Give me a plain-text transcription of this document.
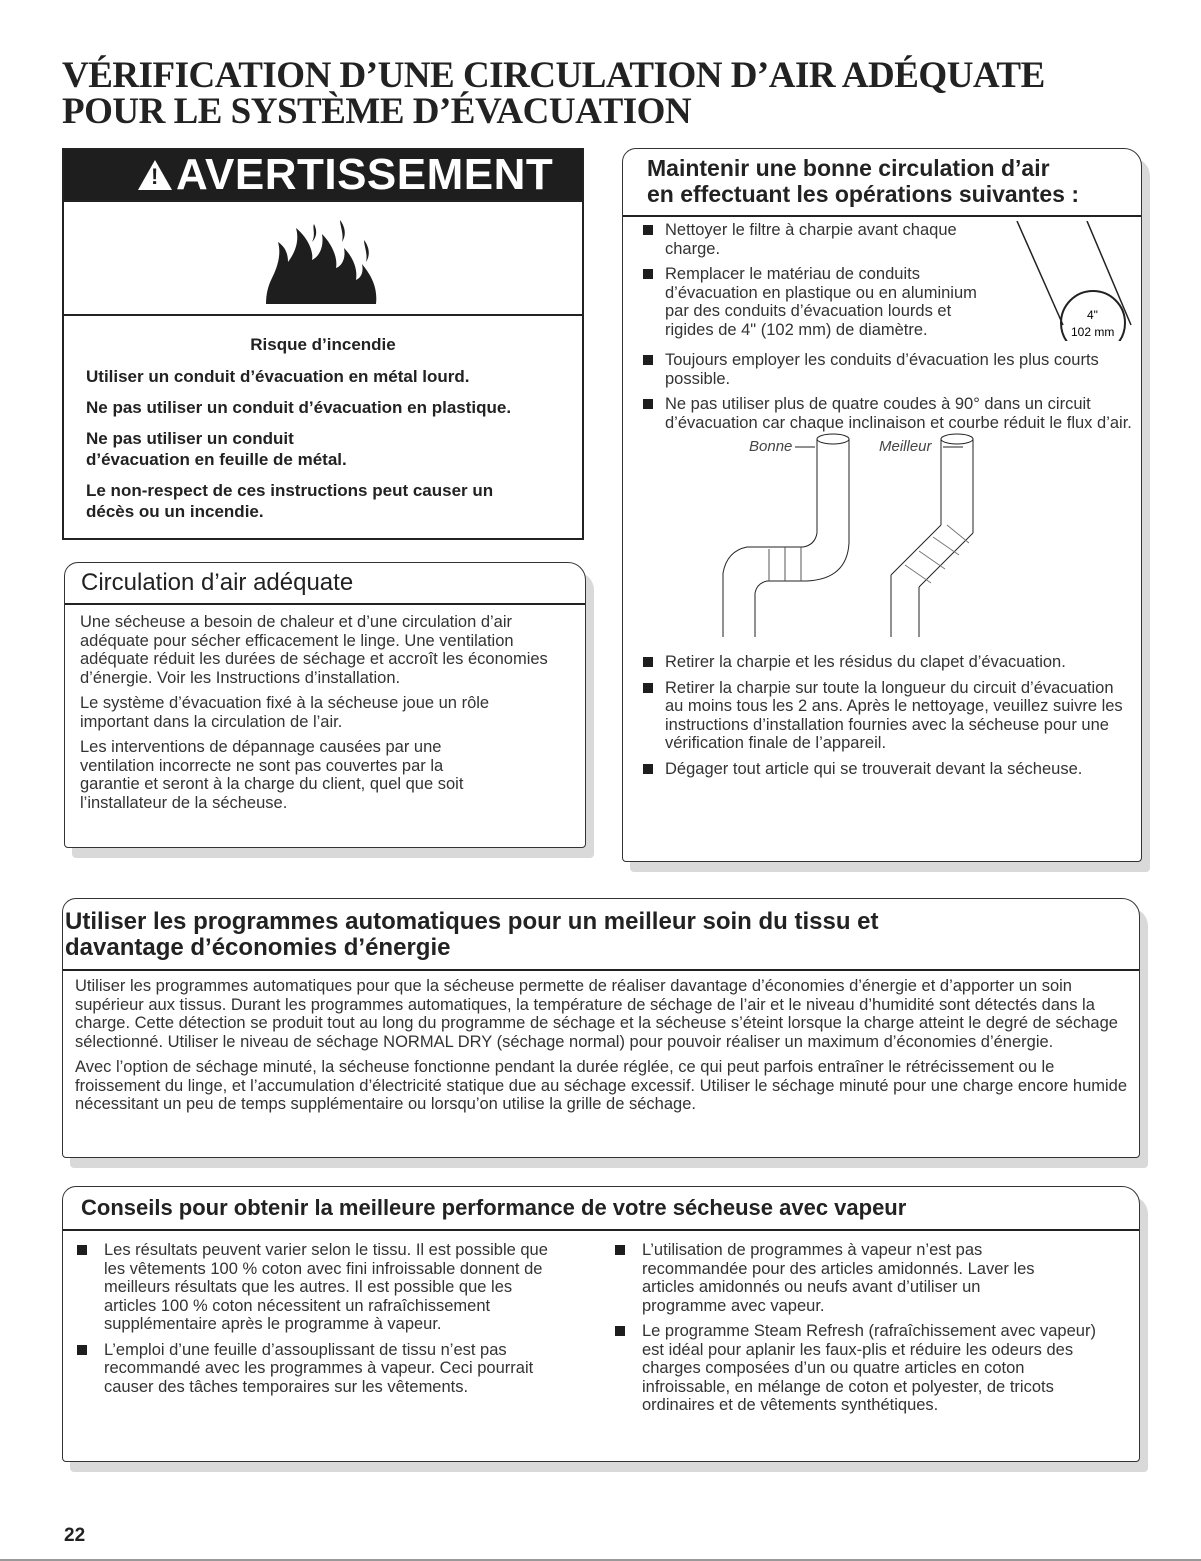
VÉRIFICATION D’UNE CIRCULATION D’AIR ADÉQUATE
POUR LE SYSTÈME D’ÉVACUATION
!
AVERTISSEMENT

Risque d’incendie

Utiliser un conduit d’évacuation en métal lourd.

Ne pas utiliser un conduit d’évacuation en plastique.

Ne pas utiliser un conduit d’évacuation en feuille de métal.

Le non-respect de ces instructions peut causer un décès ou un incendie.

Circulation d’air adéquate

Une sécheuse a besoin de chaleur et d’une circulation d’air adéquate pour sécher efficacement le linge. Une ventilation adéquate réduit les durées de séchage et accroît les économies d’énergie. Voir les Instructions d’installation.

Le système d’évacuation fixé à la sécheuse joue un rôle important dans la circulation de l’air.

Les interventions de dépannage causées par une ventilation incorrecte ne sont pas couvertes par la garantie et seront à la charge du client, quel que soit l’installateur de la sécheuse.

Maintenir une bonne circulation d’air
en effectuant les opérations suivantes :
4"
102 mm
Nettoyer le filtre à charpie avant chaque charge.
Remplacer le matériau de conduits d’évacuation en plastique ou en aluminium par des conduits d’évacuation lourds et rigides de 4" (102 mm) de diamètre.
Toujours employer les conduits d’évacuation les plus courts possible.
Ne pas utiliser plus de quatre coudes à 90° dans un circuit d’évacuation car chaque inclinaison et courbe réduit le flux d’air.
Bonne	Meilleur
Retirer la charpie et les résidus du clapet d’évacuation.
Retirer la charpie sur toute la longueur du circuit d’évacuation au moins tous les 2 ans. Après le nettoyage, veuillez suivre les instructions d’installation fournies avec la sécheuse pour une vérification finale de l’appareil.
Dégager tout article qui se trouverait devant la sécheuse.
Utiliser les programmes automatiques pour un meilleur soin du tissu et
davantage d’économies d’énergie

Utiliser les programmes automatiques pour que la sécheuse permette de réaliser davantage d’économies d’énergie et d’apporter un soin supérieur aux tissus. Durant les programmes automatiques, la température de séchage de l’air et le niveau d’humidité sont détectés dans la charge. Cette détection se produit tout au long du programme de séchage et la sécheuse s’éteint lorsque la charge atteint le degré de séchage sélectionné. Utiliser le niveau de séchage NORMAL DRY (séchage normal) pour pouvoir réaliser un maximum d’économies d’énergie.

Avec l’option de séchage minuté, la sécheuse fonctionne pendant la durée réglée, ce qui peut parfois entraîner le rétrécissement ou le froissement du linge, et l’accumulation d’électricité statique due au séchage excessif. Utiliser le séchage minuté pour une charge encore humide nécessitant un peu de temps supplémentaire ou lorsqu’on utilise la grille de séchage.

Conseils pour obtenir la meilleure performance de votre sécheuse avec vapeur
Les résultats peuvent varier selon le tissu. Il est possible que les vêtements 100 % coton avec fini infroissable donnent de meilleurs résultats que les autres. Il est possible que les articles 100 % coton nécessitent un rafraîchissement supplémentaire après le programme à vapeur.
L’emploi d’une feuille d’assouplissant de tissu n’est pas recommandé avec les programmes à vapeur. Ceci pourrait causer des tâches temporaires sur les vêtements.
L’utilisation de programmes à vapeur n’est pas recommandée pour des articles amidonnés. Laver les articles amidonnés ou neufs avant d’utiliser un programme avec vapeur.
Le programme Steam Refresh (rafraîchissement avec vapeur) est idéal pour aplanir les faux-plis et réduire les odeurs des charges composées d’un ou quatre articles en coton infroissable, en mélange de coton et polyester, de tricots ordinaires et de vêtements synthétiques.
22
